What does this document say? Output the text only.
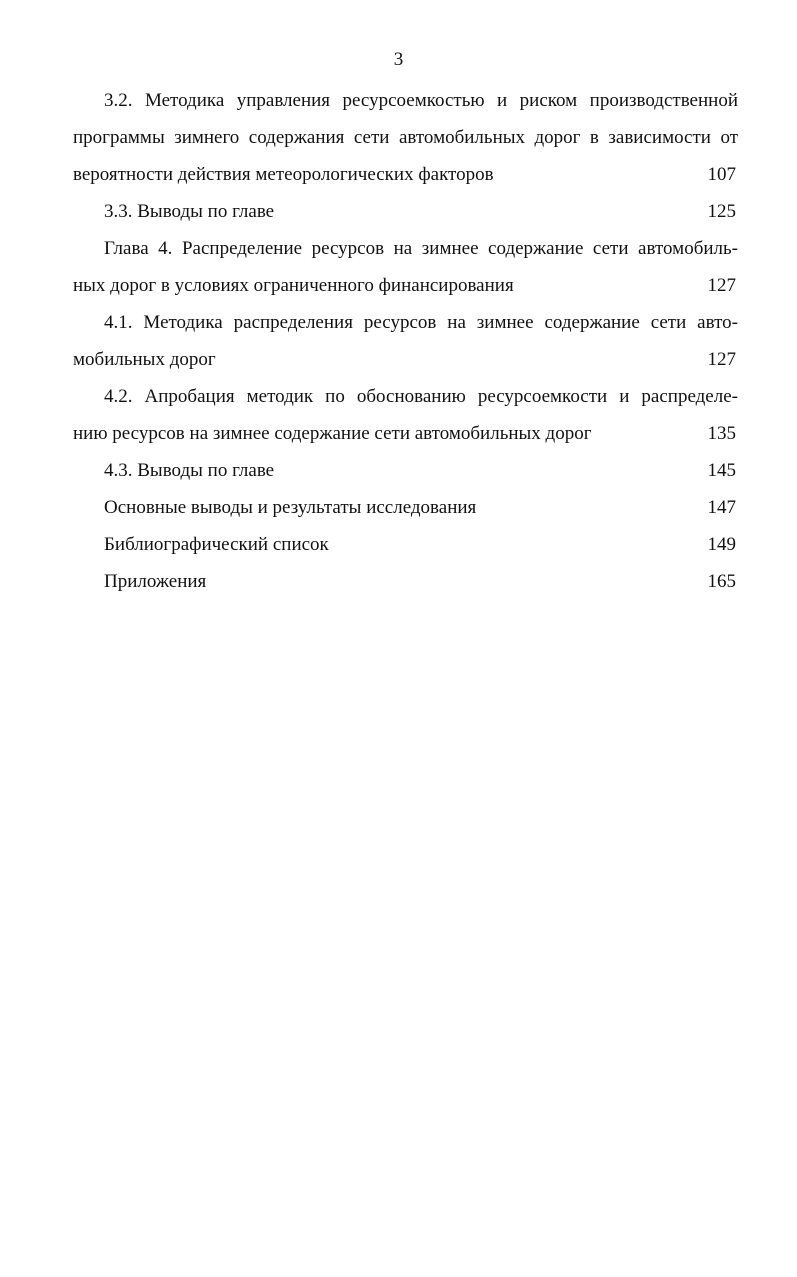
3
3.2. Методика управления ресурсоемкостью и риском производственной
программы зимнего содержания сети автомобильных дорог в зависимости от
вероятности действия метеорологических факторов	107
3.3. Выводы по главе	125
Глава 4. Распределение ресурсов на зимнее содержание сети автомобиль-
ных дорог в условиях ограниченного финансирования	127
4.1. Методика распределения ресурсов на зимнее содержание сети авто-
мобильных дорог	127
4.2. Апробация методик по обоснованию ресурсоемкости и распределе-
нию ресурсов на зимнее содержание сети автомобильных дорог	135
4.3. Выводы по главе	145
Основные выводы и результаты исследования	147
Библиографический список	149
Приложения	165
